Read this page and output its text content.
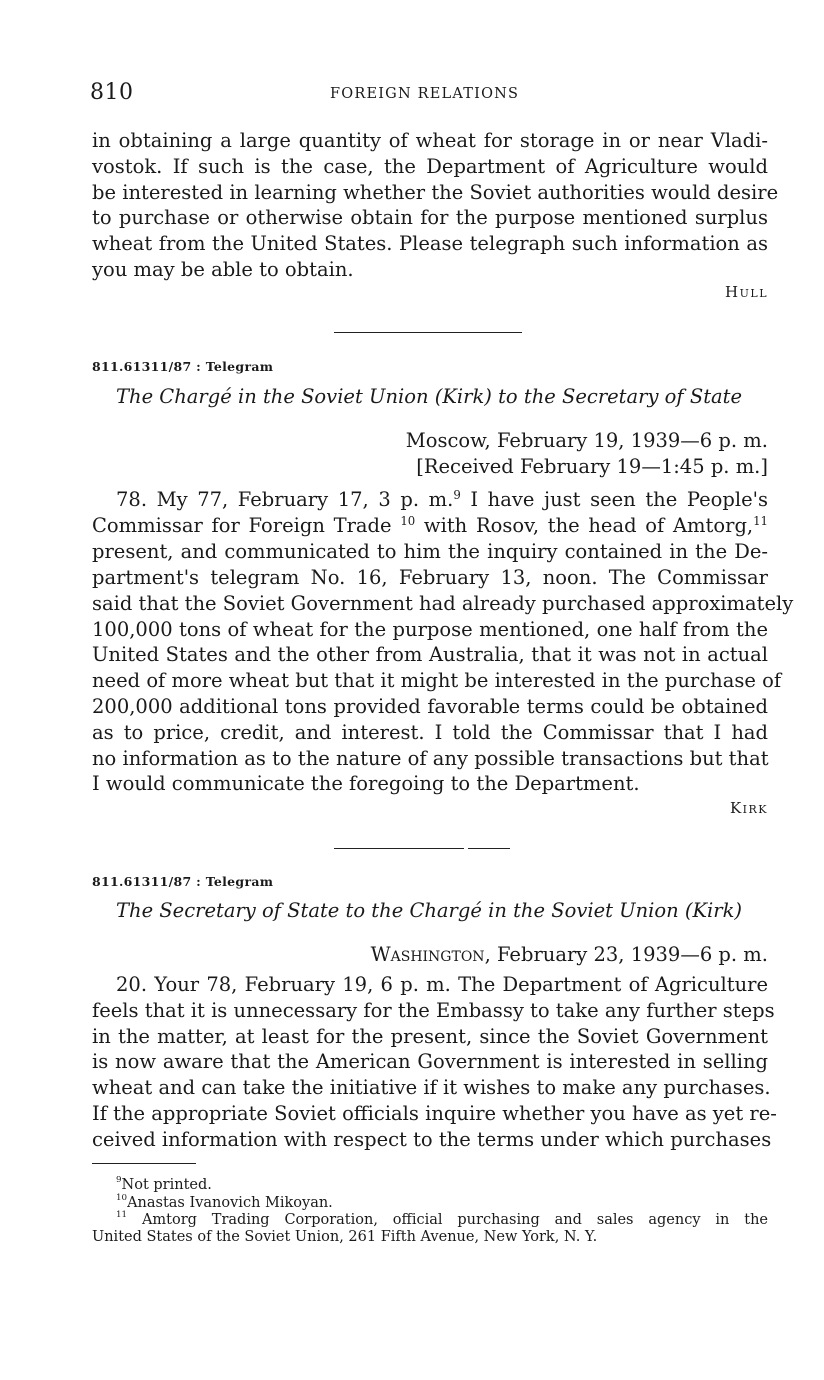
810	FOREIGN RELATIONS
in obtaining a large quantity of wheat for storage in or near Vladi-
vostok. If such is the case, the Department of Agriculture would
be interested in learning whether the Soviet authorities would desire
to purchase or otherwise obtain for the purpose mentioned surplus
wheat from the United States. Please telegraph such information as
you may be able to obtain.
Hull
811.61311/87 : Telegram
The Chargé in the Soviet Union (Kirk) to the Secretary of State
Moscow, February 19, 1939—6 p. m.
[Received February 19—1:45 p. m.]
78. My 77, February 17, 3 p. m.$^9$ I have just seen the People's
Commissar for Foreign Trade $^{10}$ with Rosov, the head of Amtorg,$^{11}$
present, and communicated to him the inquiry contained in the De-
partment's telegram No. 16, February 13, noon. The Commissar
said that the Soviet Government had already purchased approximately
100,000 tons of wheat for the purpose mentioned, one half from the
United States and the other from Australia, that it was not in actual
need of more wheat but that it might be interested in the purchase of
200,000 additional tons provided favorable terms could be obtained
as to price, credit, and interest. I told the Commissar that I had
no information as to the nature of any possible transactions but that
I would communicate the foregoing to the Department.
Kirk
811.61311/87 : Telegram
The Secretary of State to the Chargé in the Soviet Union (Kirk)
Washington, February 23, 1939—6 p. m.
20. Your 78, February 19, 6 p. m. The Department of Agriculture
feels that it is unnecessary for the Embassy to take any further steps
in the matter, at least for the present, since the Soviet Government
is now aware that the American Government is interested in selling
wheat and can take the initiative if it wishes to make any purchases.
If the appropriate Soviet officials inquire whether you have as yet re-
ceived information with respect to the terms under which purchases
$^9$Not printed.
$^{10}$Anastas Ivanovich Mikoyan.
$^{11}$ Amtorg Trading Corporation, official purchasing and sales agency in the
United States of the Soviet Union, 261 Fifth Avenue, New York, N. Y.
